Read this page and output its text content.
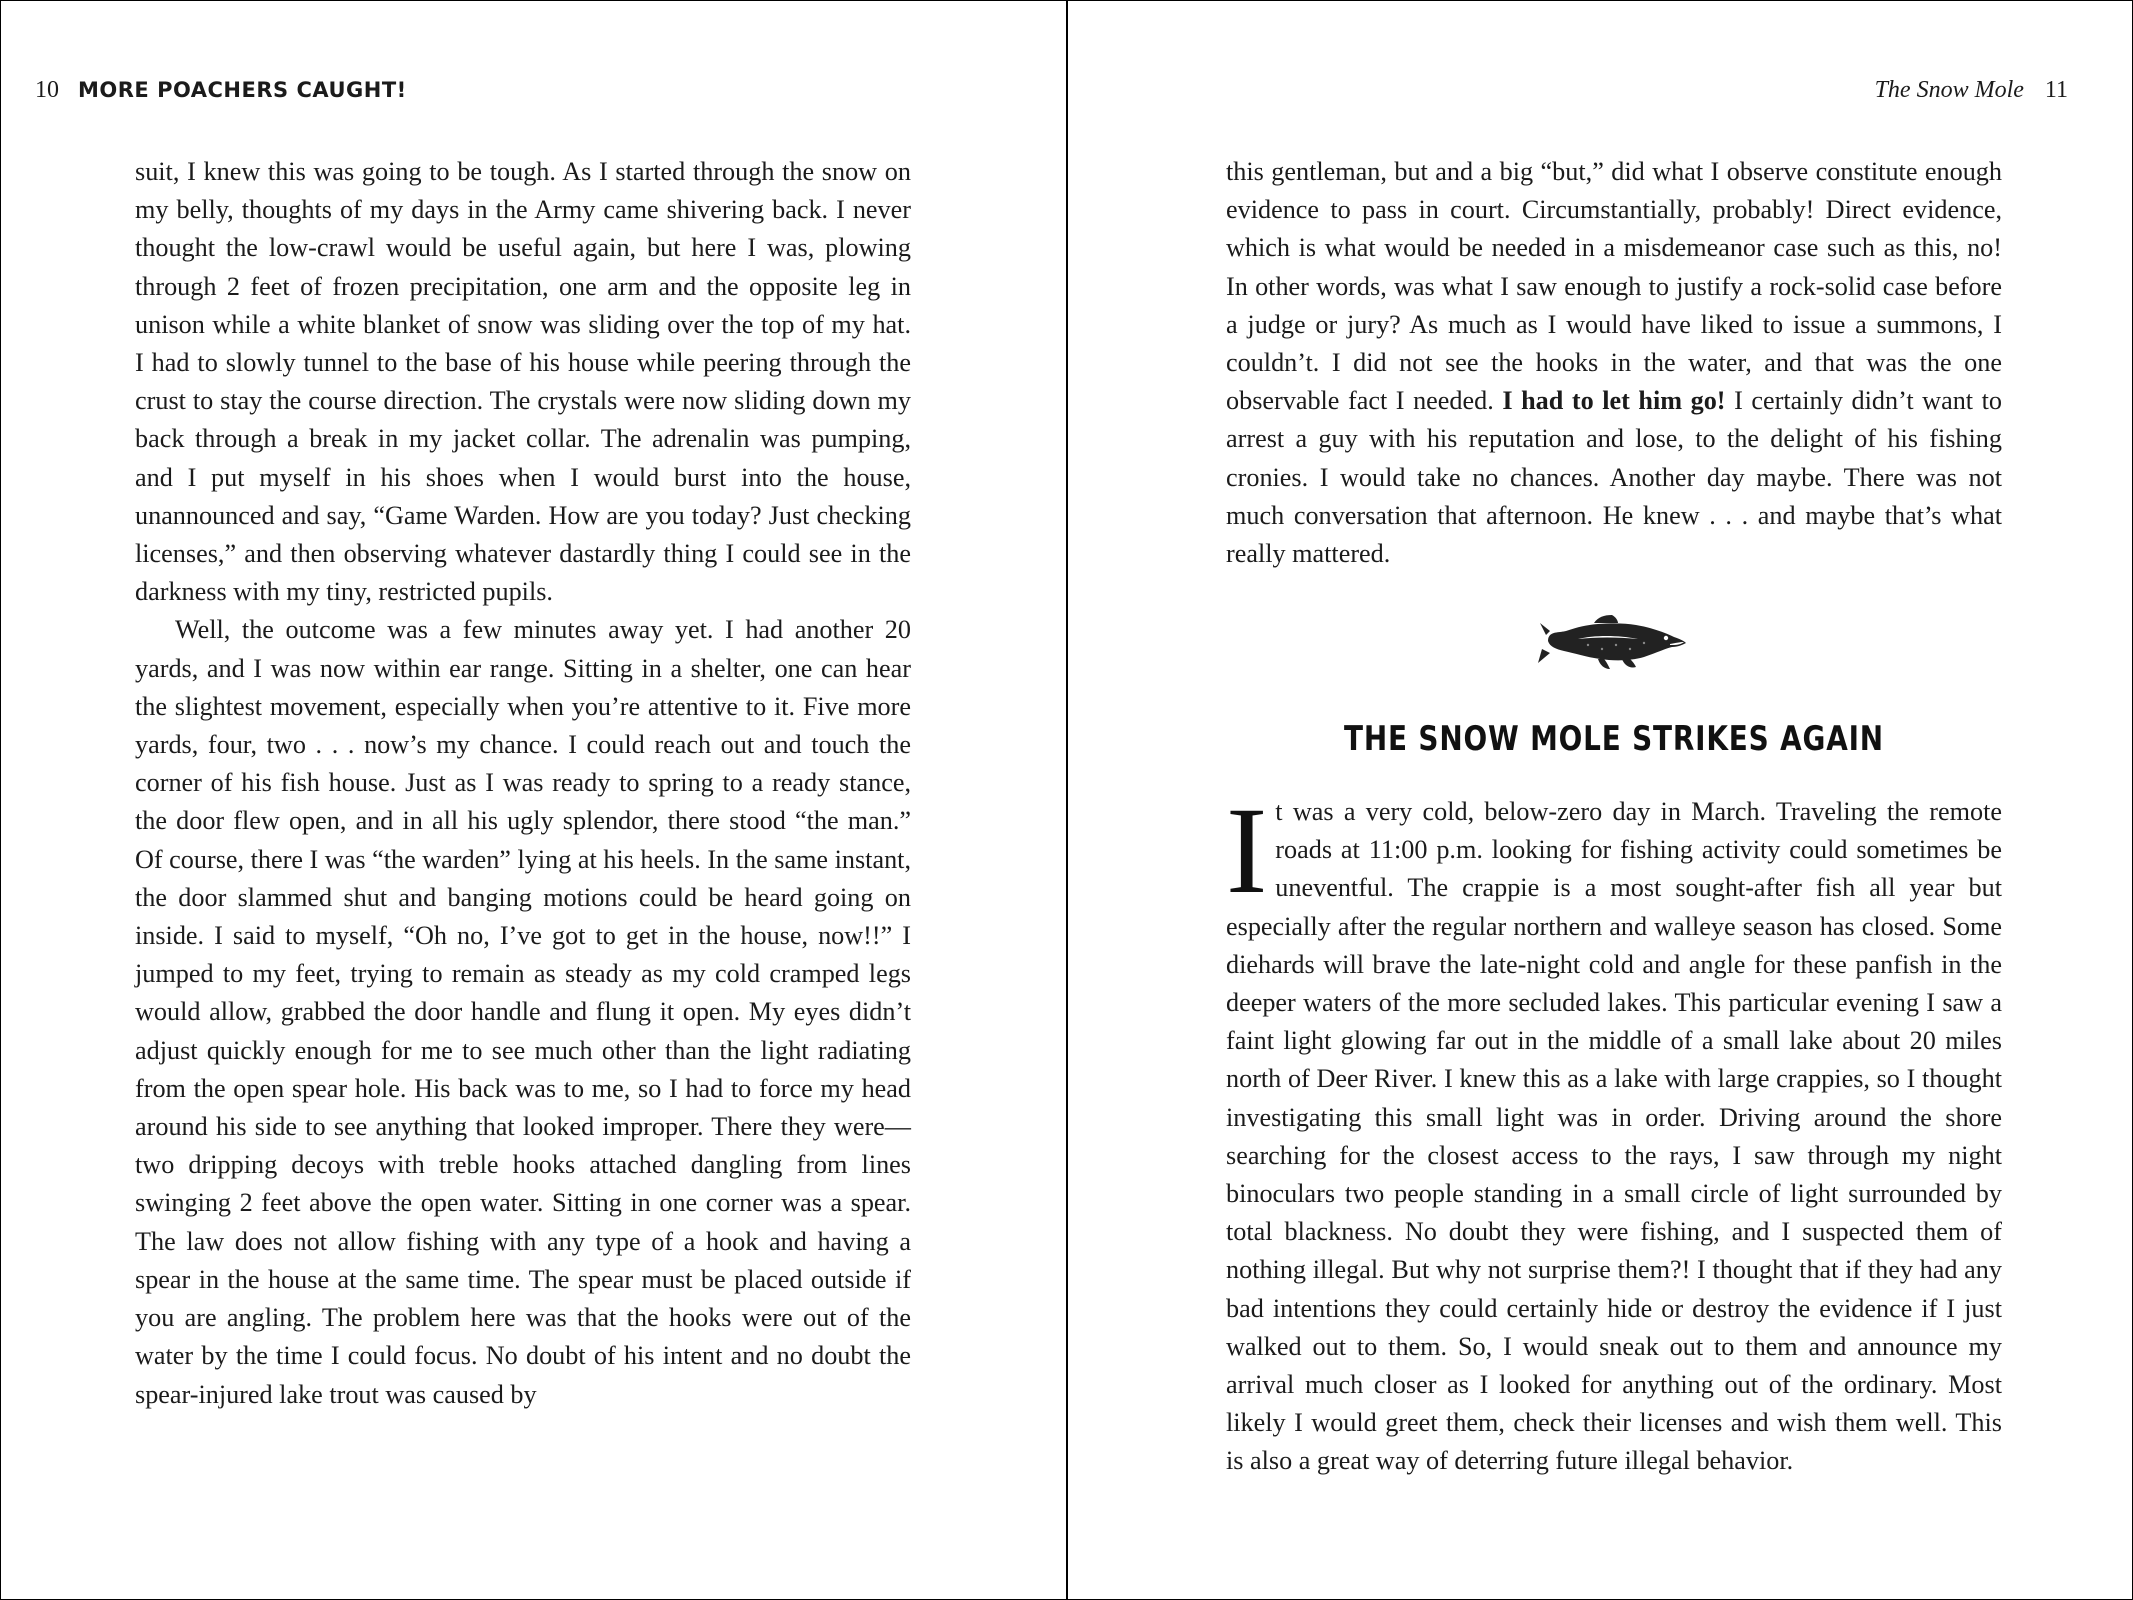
10 MORE POACHERS CAUGHT!

suit, I knew this was going to be tough. As I started through the snow on my belly, thoughts of my days in the Army came shivering back. I never thought the low-crawl would be useful again, but here I was, plowing through 2 feet of frozen precipitation, one arm and the opposite leg in unison while a white blanket of snow was sliding over the top of my hat. I had to slowly tunnel to the base of his house while peering through the crust to stay the course direction. The crystals were now sliding down my back through a break in my jacket collar. The adrenalin was pumping, and I put myself in his shoes when I would burst into the house, unannounced and say, “Game Warden. How are you today? Just checking licenses,” and then observing whatever dastardly thing I could see in the darkness with my tiny, restricted pupils.

Well, the outcome was a few minutes away yet. I had another 20 yards, and I was now within ear range. Sitting in a shelter, one can hear the slightest movement, especially when you’re attentive to it. Five more yards, four, two . . . now’s my chance. I could reach out and touch the corner of his fish house. Just as I was ready to spring to a ready stance, the door flew open, and in all his ugly splendor, there stood “the man.” Of course, there I was “the warden” lying at his heels. In the same instant, the door slammed shut and banging motions could be heard going on inside. I said to myself, “Oh no, I’ve got to get in the house, now!!” I jumped to my feet, trying to remain as steady as my cold cramped legs would allow, grabbed the door handle and flung it open. My eyes didn’t adjust quickly enough for me to see much other than the light radiating from the open spear hole. His back was to me, so I had to force my head around his side to see anything that looked improper. There they were—two dripping decoys with treble hooks attached dangling from lines swinging 2 feet above the open water. Sitting in one corner was a spear. The law does not allow fishing with any type of a hook and having a spear in the house at the same time. The spear must be placed outside if you are angling. The problem here was that the hooks were out of the water by the time I could focus. No doubt of his intent and no doubt the spear-injured lake trout was caused by

The Snow Mole 11

this gentleman, but and a big “but,” did what I observe constitute enough evidence to pass in court. Circumstantially, probably! Direct evidence, which is what would be needed in a misdemeanor case such as this, no! In other words, was what I saw enough to justify a rock-solid case before a judge or jury? As much as I would have liked to issue a summons, I couldn’t. I did not see the hooks in the water, and that was the one observable fact I needed. I had to let him go! I certainly didn’t want to arrest a guy with his reputation and lose, to the delight of his fishing cronies. I would take no chances. Another day maybe. There was not much conversation that afternoon. He knew . . . and maybe that’s what really mattered.

THE SNOW MOLE STRIKES AGAIN

It was a very cold, below-zero day in March. Traveling the remote roads at 11:00 p.m. looking for fishing activity could sometimes be uneventful. The crappie is a most sought-after fish all year but especially after the regular northern and walleye season has closed. Some diehards will brave the late-night cold and angle for these panfish in the deeper waters of the more secluded lakes. This particular evening I saw a faint light glowing far out in the middle of a small lake about 20 miles north of Deer River. I knew this as a lake with large crappies, so I thought investigating this small light was in order. Driving around the shore searching for the closest access to the rays, I saw through my night binoculars two people standing in a small circle of light surrounded by total blackness. No doubt they were fishing, and I suspected them of nothing illegal. But why not surprise them?! I thought that if they had any bad intentions they could certainly hide or destroy the evidence if I just walked out to them. So, I would sneak out to them and announce my arrival much closer as I looked for anything out of the ordinary. Most likely I would greet them, check their licenses and wish them well. This is also a great way of deterring future illegal behavior.
